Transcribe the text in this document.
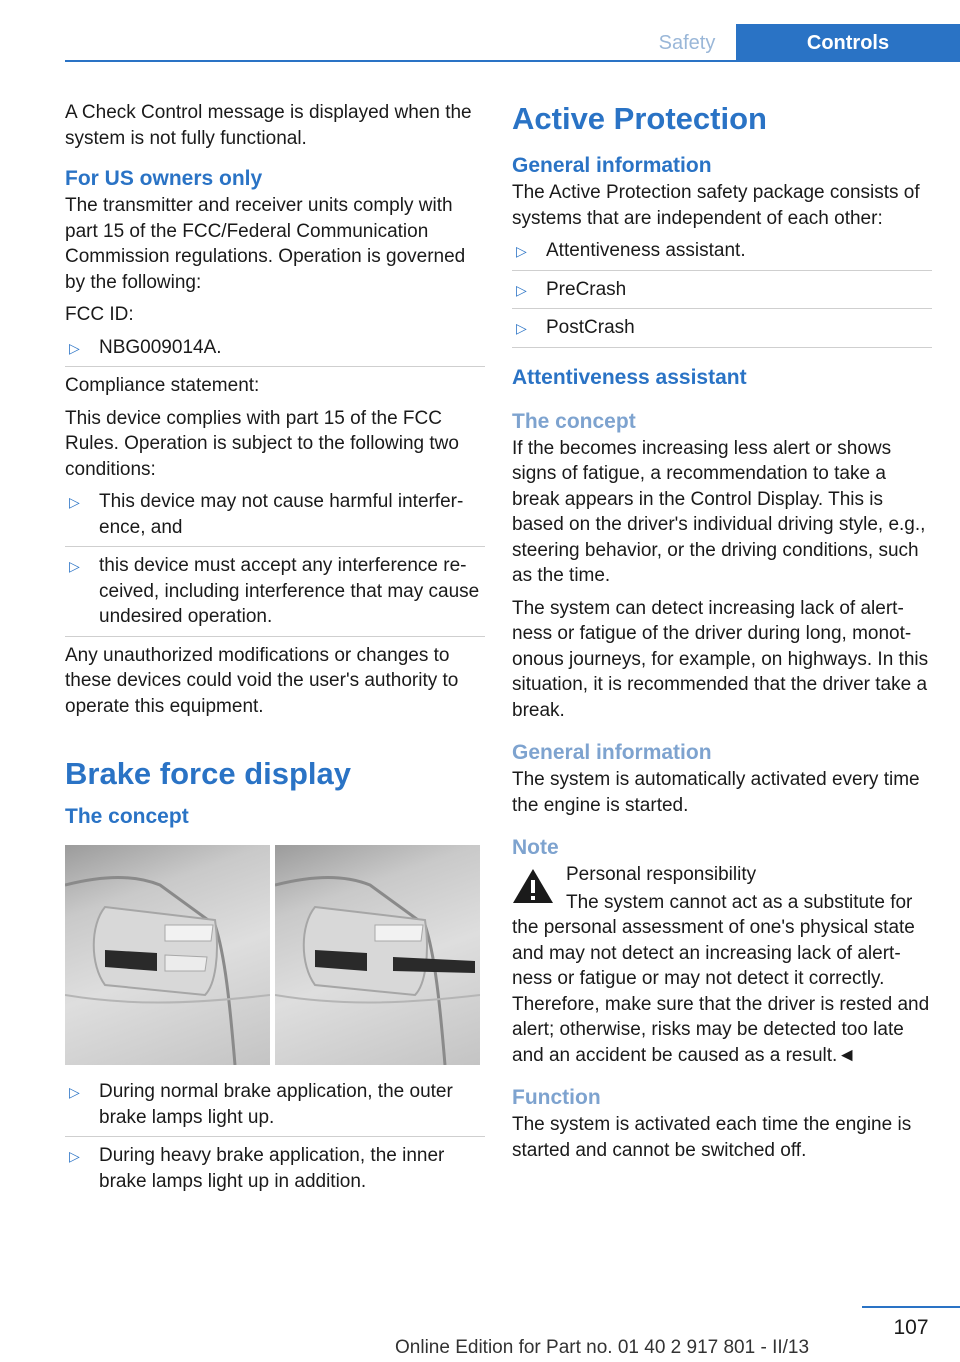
Safety	Controls

A Check Control message is displayed when the system is not fully functional.

For US owners only

The transmitter and receiver units comply with part 15 of the FCC/Federal Communication Commission regulations. Operation is governed by the following:

FCC ID:

▷ NBG009014A.

Compliance statement:

This device complies with part 15 of the FCC Rules. Operation is subject to the following two conditions:

▷ This device may not cause harmful interfer‐ence, and
▷ this device must accept any interference re‐ceived, including interference that may cause undesired operation.

Any unauthorized modifications or changes to these devices could void the user's authority to operate this equipment.

Brake force display
The concept
▷ During normal brake application, the outer brake lamps light up.
▷ During heavy brake application, the inner brake lamps light up in addition.
Active Protection
General information

The Active Protection safety package consists of systems that are independent of each other:

▷ Attentiveness assistant.
▷ PreCrash
▷ PostCrash
Attentiveness assistant
The concept

If the becomes increasing less alert or shows signs of fatigue, a recommendation to take a break appears in the Control Display. This is based on the driver's individual driving style, e.g., steering behavior, or the driving conditions, such as the time.

The system can detect increasing lack of alert‐ness or fatigue of the driver during long, monot‐onous journeys, for example, on highways. In this situation, it is recommended that the driver take a break.

General information

The system is automatically activated every time the engine is started.

Note

Personal responsibility

The system cannot act as a substitute for the personal assessment of one's physical state and may not detect an increasing lack of alert‐ness or fatigue or may not detect it correctly. Therefore, make sure that the driver is rested and alert; otherwise, risks may be detected too late and an accident be caused as a result.◄

Function

The system is activated each time the engine is started and cannot be switched off.

107
Online Edition for Part no. 01 40 2 917 801 - II/13
